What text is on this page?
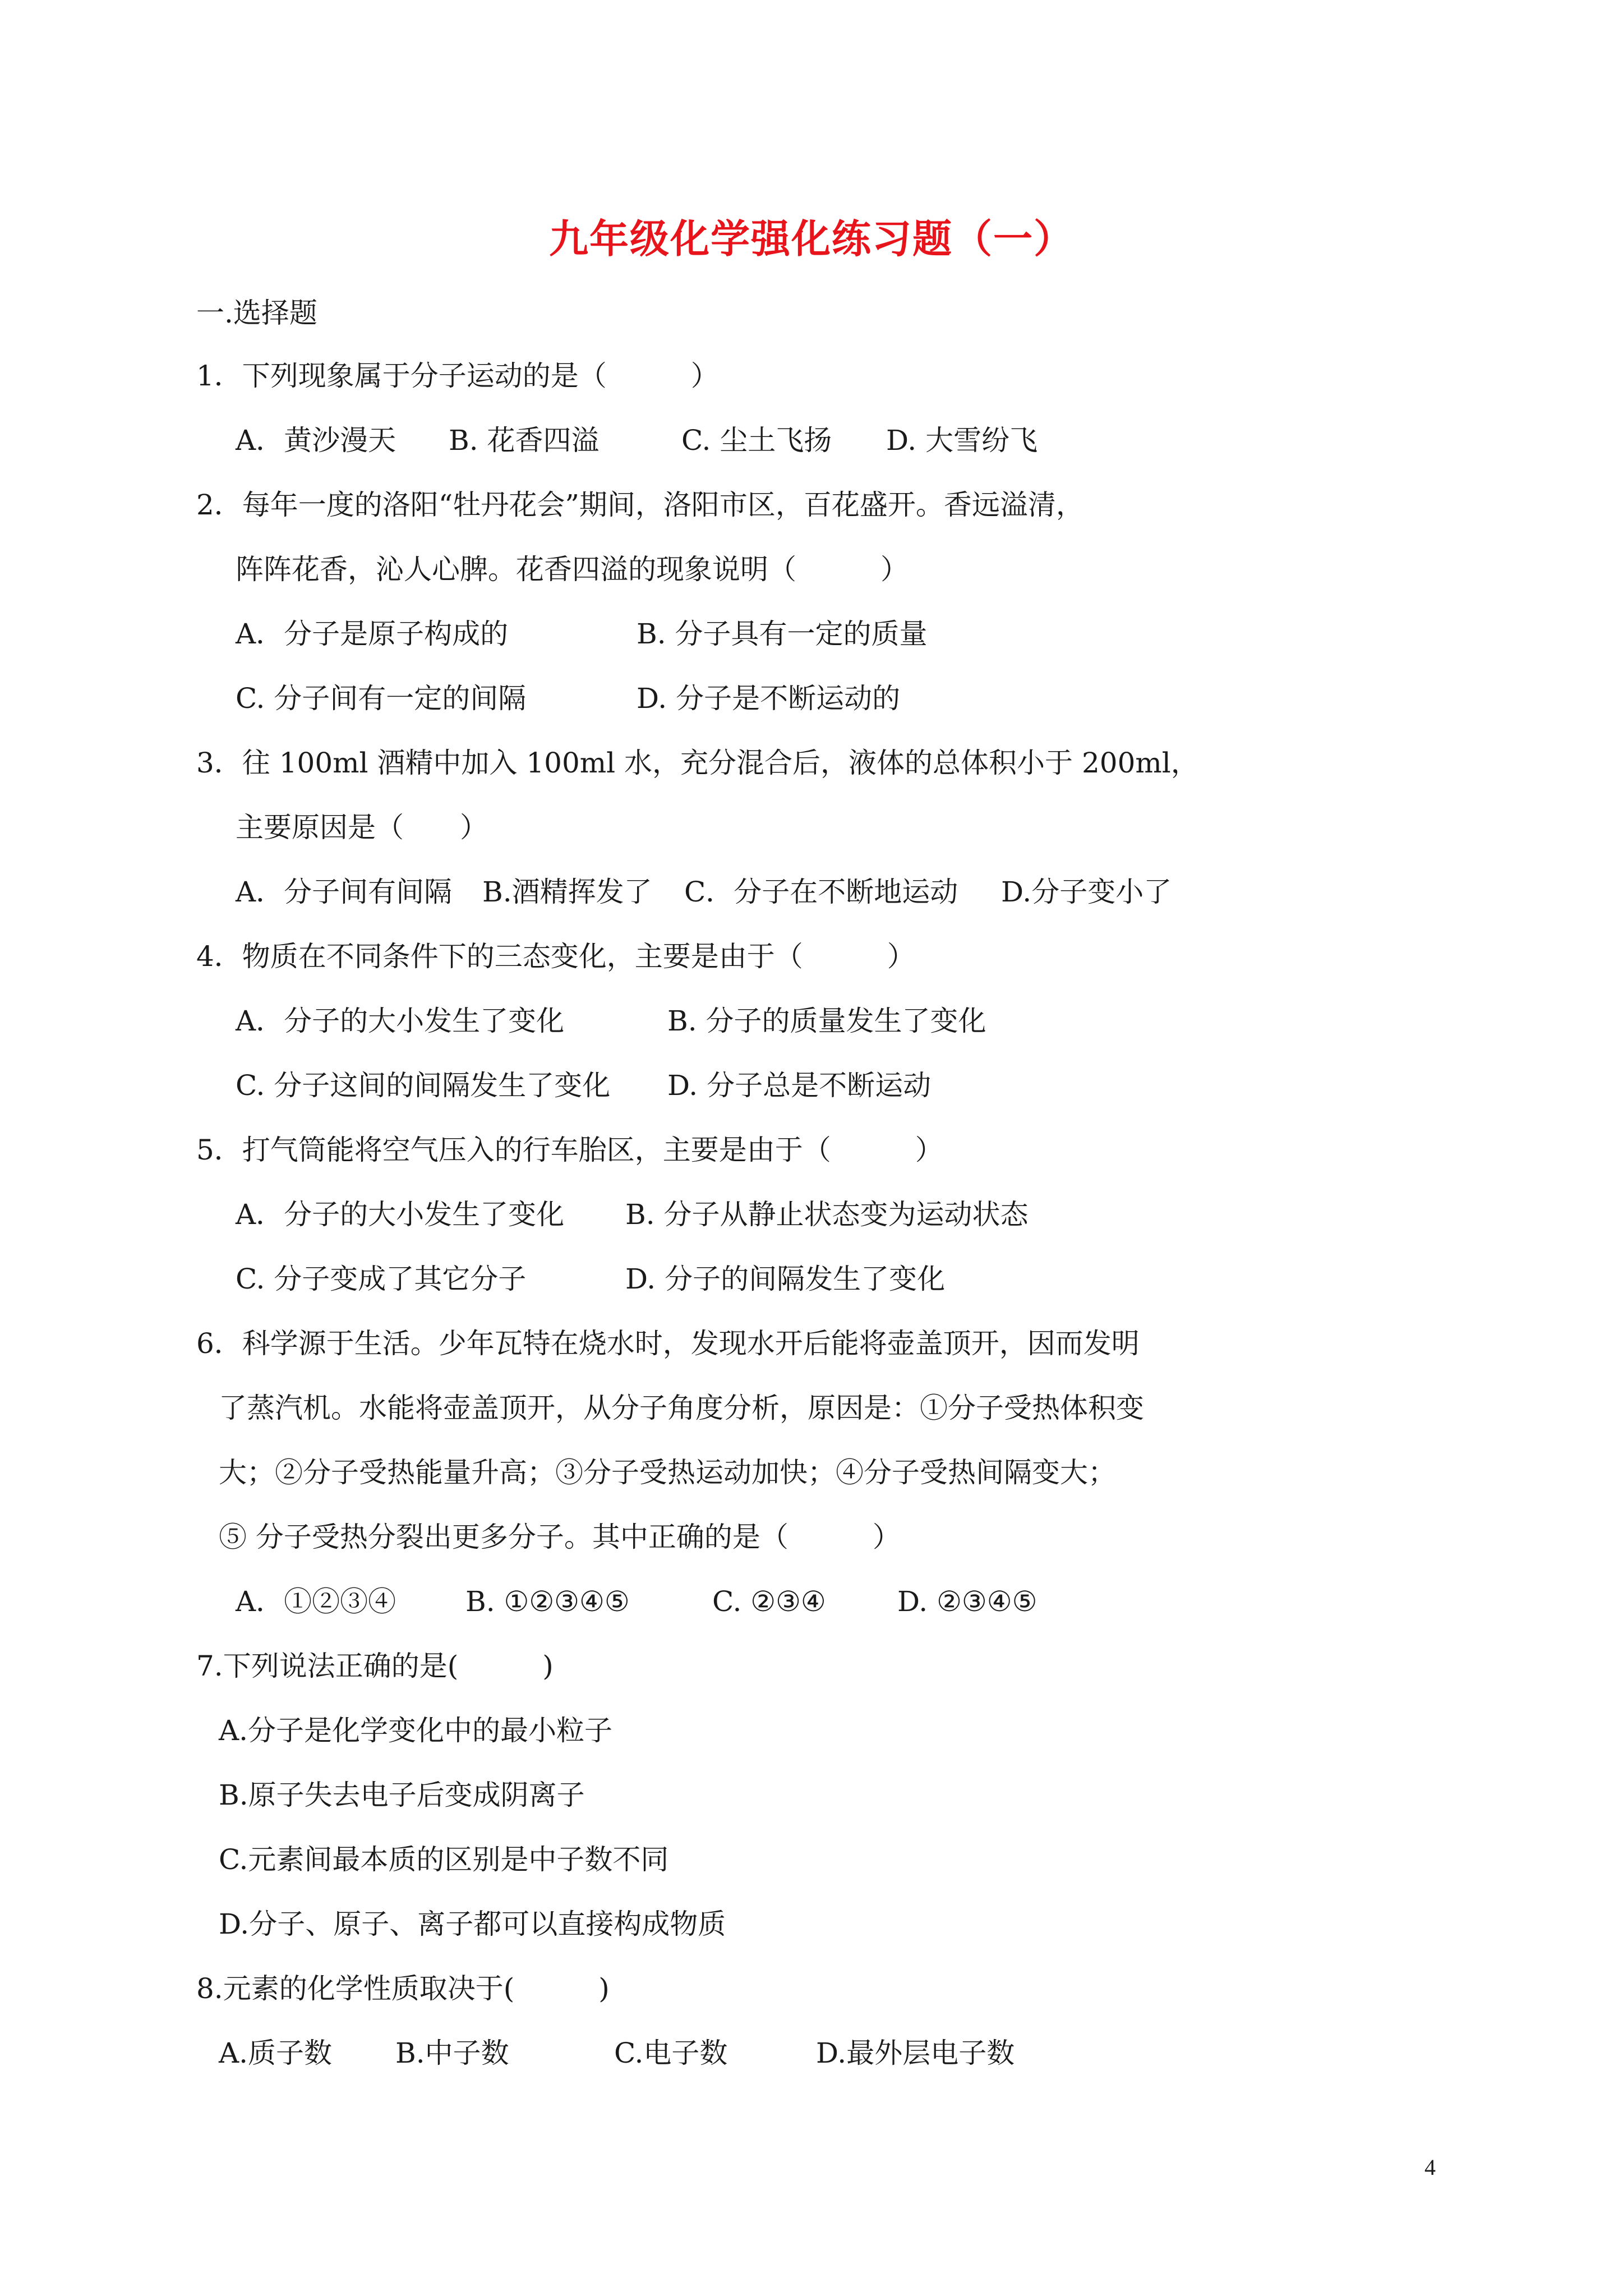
九年级化学强化练习题（一）
一.选择题
1．下列现象属于分子运动的是（　　　）
A．黄沙漫天 B. 花香四溢	C. 尘土飞扬 D. 大雪纷飞
2．每年一度的洛阳“牡丹花会”期间，洛阳市区，百花盛开。香远溢清，
阵阵花香，沁人心脾。花香四溢的现象说明（　　　）
A．分子是原子构成的	B. 分子具有一定的质量
C. 分子间有一定的间隔	D. 分子是不断运动的
3．往 100ml 酒精中加入 100ml 水，充分混合后，液体的总体积小于 200ml，
主要原因是（　　）
A．分子间有间隔 B.酒精挥发了 C．分子在不断地运动 D.分子变小了
4．物质在不同条件下的三态变化，主要是由于（　　　）
A．分子的大小发生了变化	B. 分子的质量发生了变化
C. 分子这间的间隔发生了变化 D. 分子总是不断运动
5．打气筒能将空气压入的行车胎区，主要是由于（　　　）
A．分子的大小发生了变化 B. 分子从静止状态变为运动状态
C. 分子变成了其它分子	D. 分子的间隔发生了变化
6．科学源于生活。少年瓦特在烧水时，发现水开后能将壶盖顶开，因而发明
了蒸汽机。水能将壶盖顶开，从分子角度分析，原因是：①分子受热体积变
大；②分子受热能量升高；③分子受热运动加快；④分子受热间隔变大；
⑤ 分子受热分裂出更多分子。其中正确的是（　　　）
A．①②③④ B. ①②③④⑤	C. ②③④	D. ②③④⑤
7.下列说法正确的是(　　　)
A.分子是化学变化中的最小粒子
B.原子失去电子后变成阴离子
C.元素间最本质的区别是中子数不同
D.分子、原子、离子都可以直接构成物质
8.元素的化学性质取决于(　　　)
A.质子数 B.中子数	C.电子数	D.最外层电子数
4
